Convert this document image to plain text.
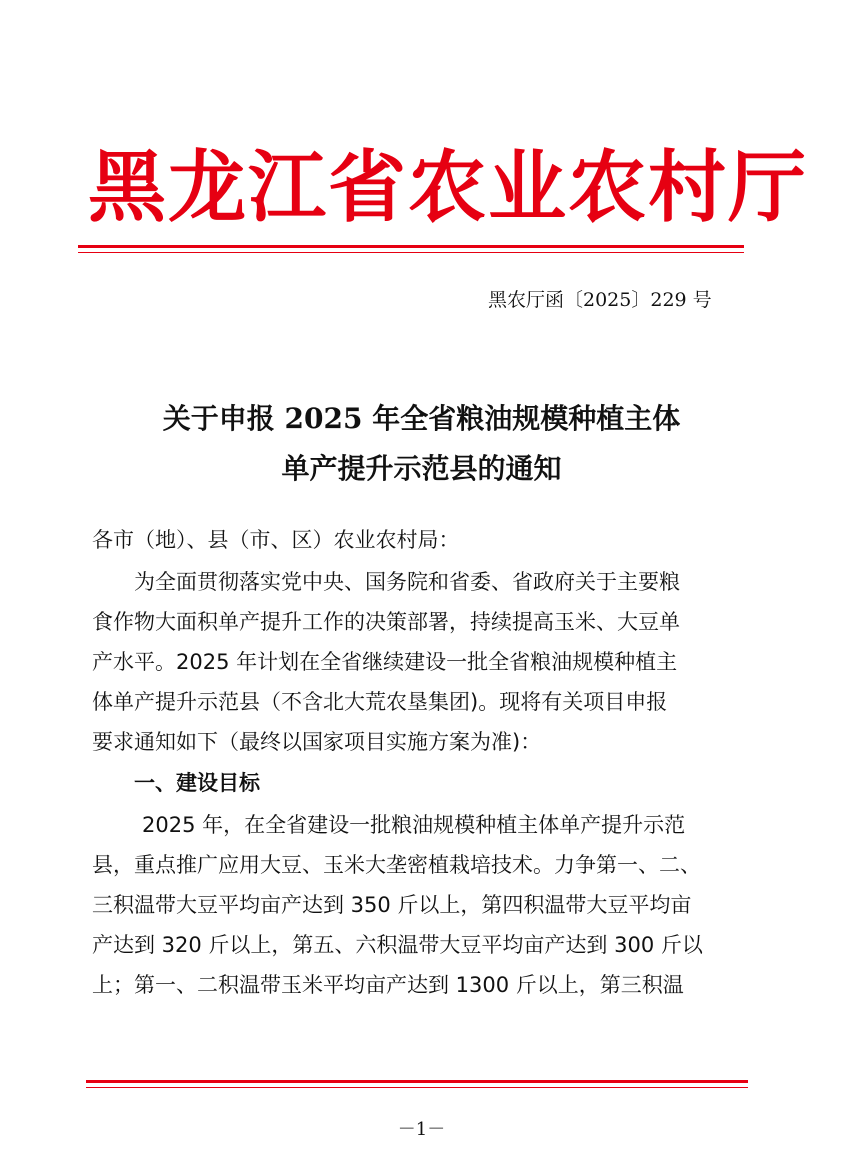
黑龙江省农业农村厅
黑农厅函〔2025〕229 号
关于申报 2025 年全省粮油规模种植主体
单产提升示范县的通知
各市（地）、县（市、区）农业农村局：
为全面贯彻落实党中央、国务院和省委、省政府关于主要粮
食作物大面积单产提升工作的决策部署，持续提高玉米、大豆单
产水平。2025 年计划在全省继续建设一批全省粮油规模种植主
体单产提升示范县（不含北大荒农垦集团)。现将有关项目申报
要求通知如下（最终以国家项目实施方案为准)：
一、建设目标
2025 年，在全省建设一批粮油规模种植主体单产提升示范
县，重点推广应用大豆、玉米大垄密植栽培技术。力争第一、二、
三积温带大豆平均亩产达到 350 斤以上，第四积温带大豆平均亩
产达到 320 斤以上，第五、六积温带大豆平均亩产达到 300 斤以
上；第一、二积温带玉米平均亩产达到 1300 斤以上，第三积温
－1－
